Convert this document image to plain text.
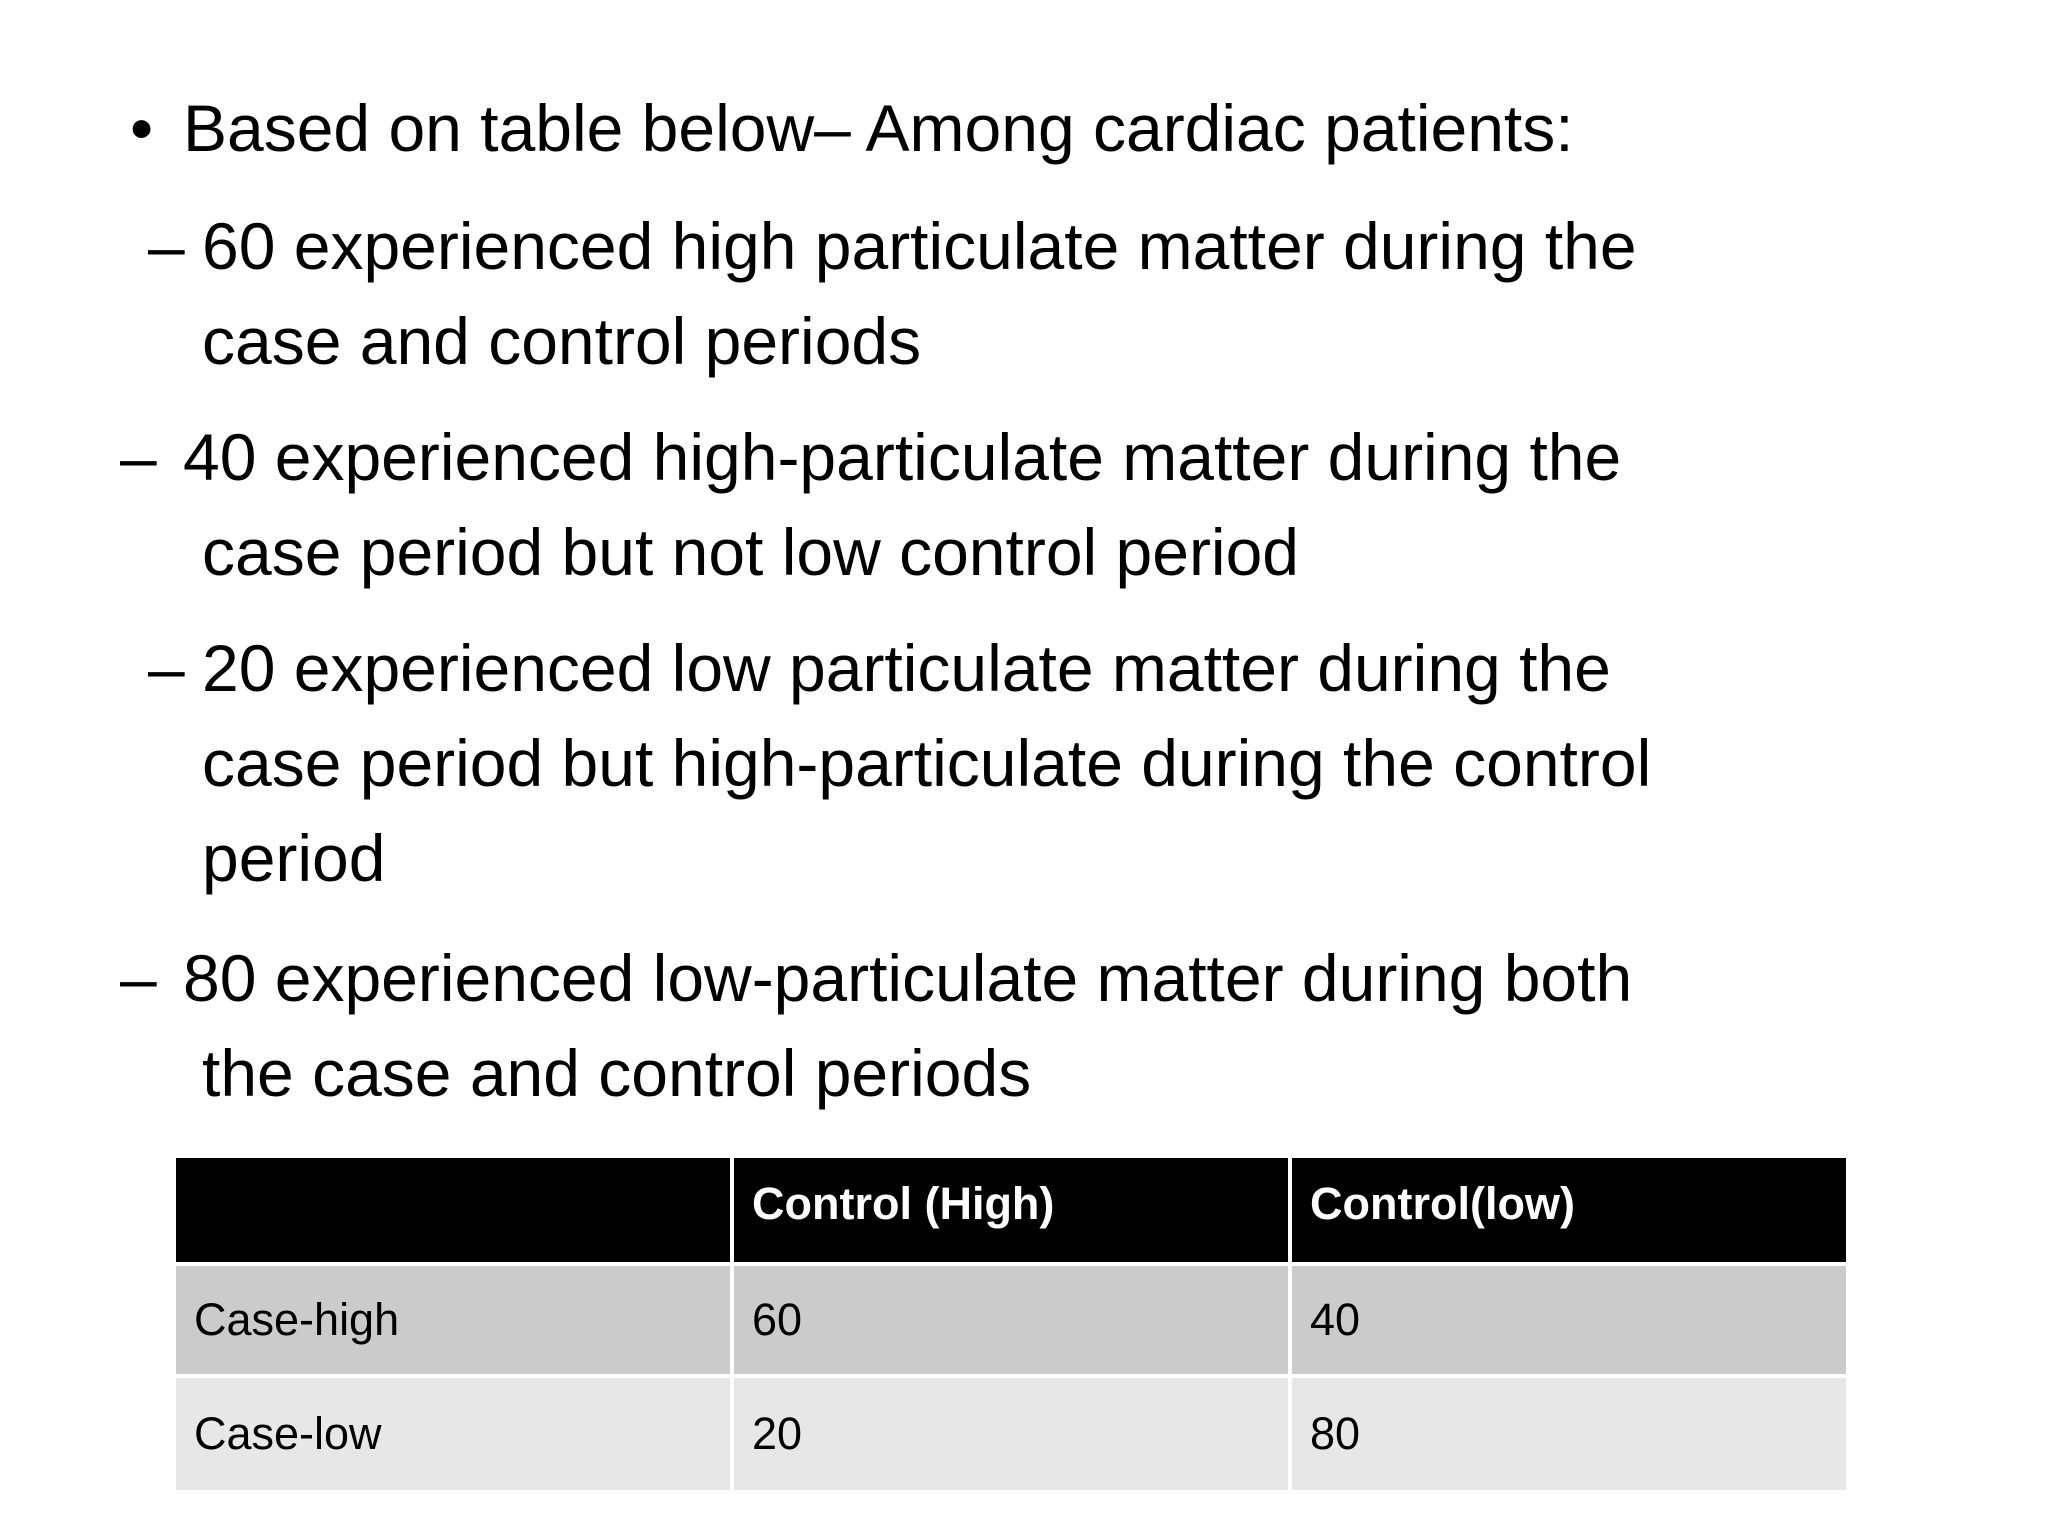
• Based on table below– Among cardiac patients:
– 60 experienced high particulate matter during the
case and control periods
– 40 experienced high-particulate matter during the
case period but not low control period
– 20 experienced low particulate matter during the
case period but high-particulate during the control
period
– 80 experienced low-particulate matter during both
the case and control periods
	Control (High)	Control(low)
Case-high	60	40
Case-low	20	80
